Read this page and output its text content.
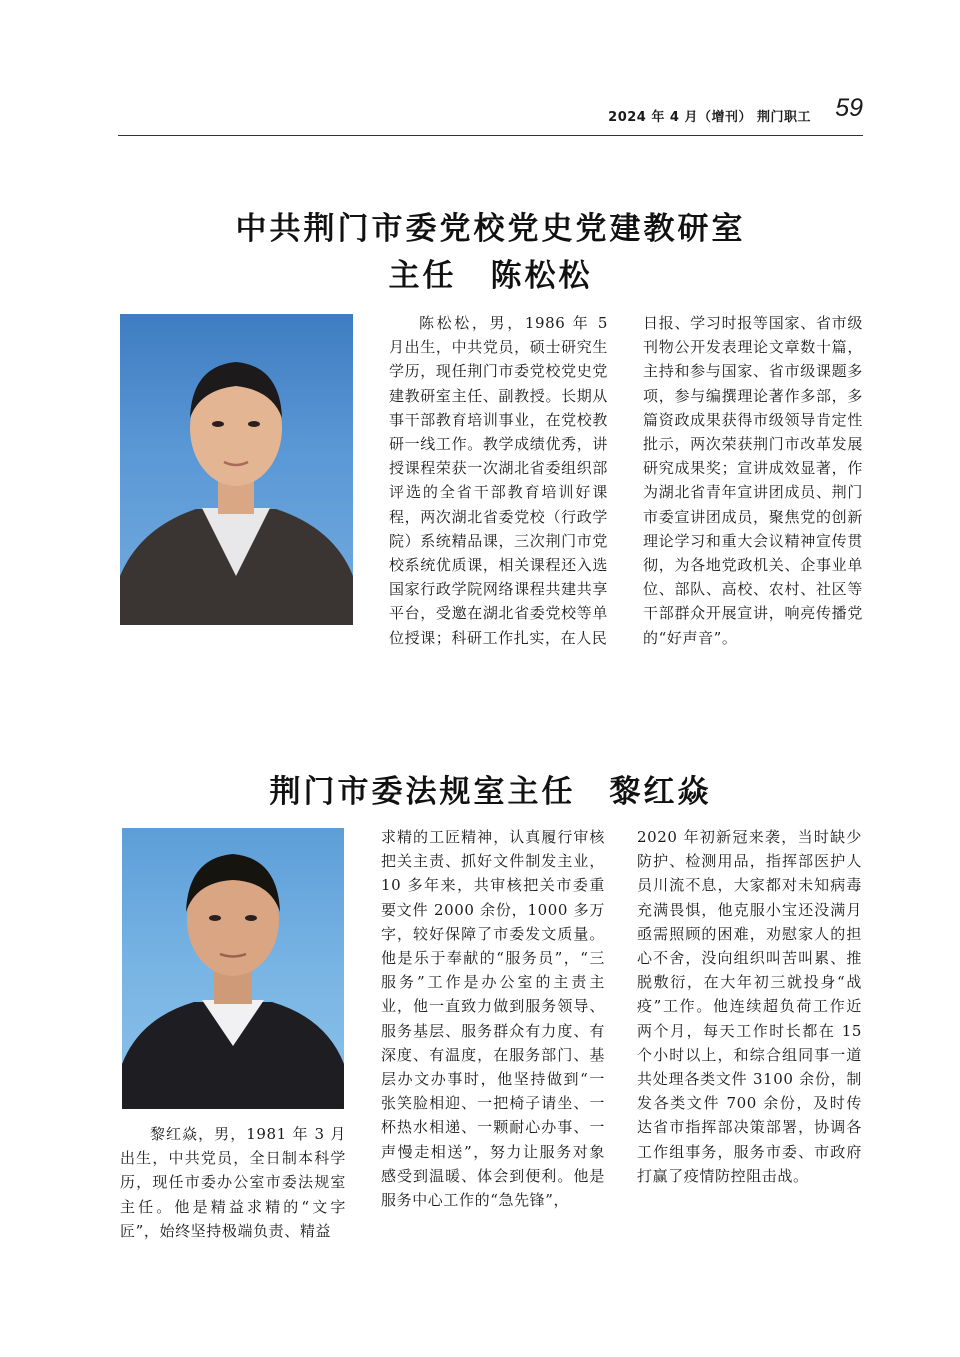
2024 年 4 月（增刊） 荆门职工 59
中共荆门市委党校党史党建教研室
主任　陈松松
陈松松，男，1986 年 5 月出生，中共党员，硕士研究生学历，现任荆门市委党校党史党建教研室主任、副教授。长期从事干部教育培训事业，在党校教研一线工作。教学成绩优秀，讲授课程荣获一次湖北省委组织部评选的全省干部教育培训好课程，两次湖北省委党校（行政学院）系统精品课，三次荆门市党校系统优质课，相关课程还入选国家行政学院网络课程共建共享平台，受邀在湖北省委党校等单位授课；科研工作扎实，在人民
日报、学习时报等国家、省市级刊物公开发表理论文章数十篇，主持和参与国家、省市级课题多项，参与编撰理论著作多部，多篇资政成果获得市级领导肯定性批示，两次荣获荆门市改革发展研究成果奖；宣讲成效显著，作为湖北省青年宣讲团成员、荆门市委宣讲团成员，聚焦党的创新理论学习和重大会议精神宣传贯彻，为各地党政机关、企事业单位、部队、高校、农村、社区等干部群众开展宣讲，响亮传播党的“好声音”。
荆门市委法规室主任　黎红焱
黎红焱，男，1981 年 3 月出生，中共党员，全日制本科学历，现任市委办公室市委法规室主任。他是精益求精的“文字匠”，始终坚持极端负责、精益
求精的工匠精神，认真履行审核把关主责、抓好文件制发主业，10 多年来，共审核把关市委重要文件 2000 余份，1000 多万字，较好保障了市委发文质量。他是乐于奉献的“服务员”，“三服务”工作是办公室的主责主业，他一直致力做到服务领导、服务基层、服务群众有力度、有深度、有温度，在服务部门、基层办文办事时，他坚持做到“一张笑脸相迎、一把椅子请坐、一杯热水相递、一颗耐心办事、一声慢走相送”，努力让服务对象感受到温暖、体会到便利。他是服务中心工作的“急先锋”，
2020 年初新冠来袭，当时缺少防护、检测用品，指挥部医护人员川流不息，大家都对未知病毒充满畏惧，他克服小宝还没满月亟需照顾的困难，劝慰家人的担心不舍，没向组织叫苦叫累、推脱敷衍，在大年初三就投身“战疫”工作。他连续超负荷工作近两个月，每天工作时长都在 15 个小时以上，和综合组同事一道共处理各类文件 3100 余份，制发各类文件 700 余份，及时传达省市指挥部决策部署，协调各工作组事务，服务市委、市政府打赢了疫情防控阻击战。
